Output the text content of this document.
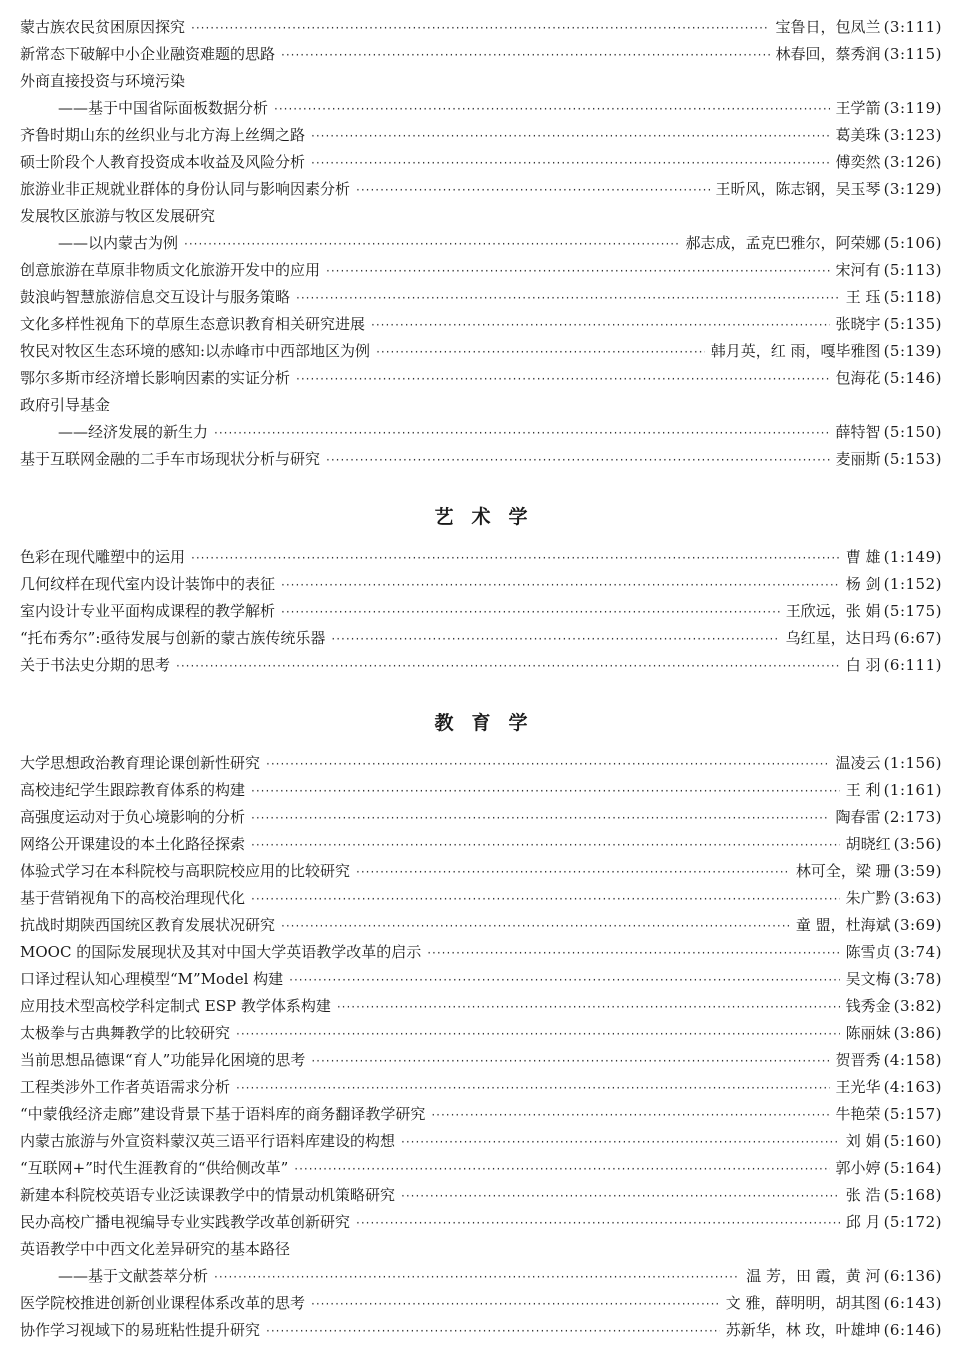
蒙古族农民贫困原因探究 ·····	宝鲁日，包凤兰 (3:111)
新常态下破解中小企业融资难题的思路 ·····	林春回，蔡秀润 (3:115)
外商直接投资与环境污染
——基于中国省际面板数据分析 ·····	王学箭 (3:119)
齐鲁时期山东的丝织业与北方海上丝绸之路 ·····	葛美珠 (3:123)
硕士阶段个人教育投资成本收益及风险分析 ·····	傅奕然 (3:126)
旅游业非正规就业群体的身份认同与影响因素分析 ·····	王昕风，陈志钢，吴玉琴 (3:129)
发展牧区旅游与牧区发展研究
——以内蒙古为例 ·····	郝志成，孟克巴雅尔，阿荣娜 (5:106)
创意旅游在草原非物质文化旅游开发中的应用 ·····	宋河有 (5:113)
鼓浪屿智慧旅游信息交互设计与服务策略 ·····	王 珏 (5:118)
文化多样性视角下的草原生态意识教育相关研究进展 ·····	张晓宇 (5:135)
牧民对牧区生态环境的感知:以赤峰市中西部地区为例 ·····	韩月英，红 雨，嘎毕雅图 (5:139)
鄂尔多斯市经济增长影响因素的实证分析 ·····	包海花 (5:146)
政府引导基金
——经济发展的新生力 ·····	薛特智 (5:150)
基于互联网金融的二手车市场现状分析与研究 ·····	麦丽斯 (5:153)
艺术学
色彩在现代雕塑中的运用 ·····	曹 雄 (1:149)
几何纹样在现代室内设计装饰中的表征 ·····	杨 剑 (1:152)
室内设计专业平面构成课程的教学解析 ·····	王欣远，张 娟 (5:175)
“托布秀尔”:亟待发展与创新的蒙古族传统乐器 ·····	乌红星，达日玛 (6:67)
关于书法史分期的思考 ·····	白 羽 (6:111)
教育学
大学思想政治教育理论课创新性研究 ·····	温凌云 (1:156)
高校违纪学生跟踪教育体系的构建 ·····	王 利 (1:161)
高强度运动对于负心境影响的分析 ·····	陶春雷 (2:173)
网络公开课建设的本土化路径探索 ·····	胡晓红 (3:56)
体验式学习在本科院校与高职院校应用的比较研究 ·····	林可全，梁 珊 (3:59)
基于营销视角下的高校治理现代化 ·····	朱广黔 (3:63)
抗战时期陕西国统区教育发展状况研究 ·····	童 盟，杜海斌 (3:69)
MOOC 的国际发展现状及其对中国大学英语教学改革的启示 ·····	陈雪贞 (3:74)
口译过程认知心理模型“M”Model 构建 ·····	吴文梅 (3:78)
应用技术型高校学科定制式 ESP 教学体系构建 ·····	钱秀金 (3:82)
太极拳与古典舞教学的比较研究 ·····	陈丽妹 (3:86)
当前思想品德课“育人”功能异化困境的思考 ·····	贺晋秀 (4:158)
工程类涉外工作者英语需求分析 ·····	王光华 (4:163)
“中蒙俄经济走廊”建设背景下基于语料库的商务翻译教学研究 ·····	牛艳荣 (5:157)
内蒙古旅游与外宣资料蒙汉英三语平行语料库建设的构想 ·····	刘 娟 (5:160)
“互联网+”时代生涯教育的“供给侧改革” ·····	郭小婷 (5:164)
新建本科院校英语专业泛读课教学中的情景动机策略研究 ·····	张 浩 (5:168)
民办高校广播电视编导专业实践教学改革创新研究 ·····	邱 月 (5:172)
英语教学中中西文化差异研究的基本路径
——基于文献荟萃分析 ·····	温 芳，田 霞，黄 河 (6:136)
医学院校推进创新创业课程体系改革的思考 ·····	文 雅，薛明明，胡其图 (6:143)
协作学习视域下的易班粘性提升研究 ·····	苏新华，林 玫，叶雄坤 (6:146)
